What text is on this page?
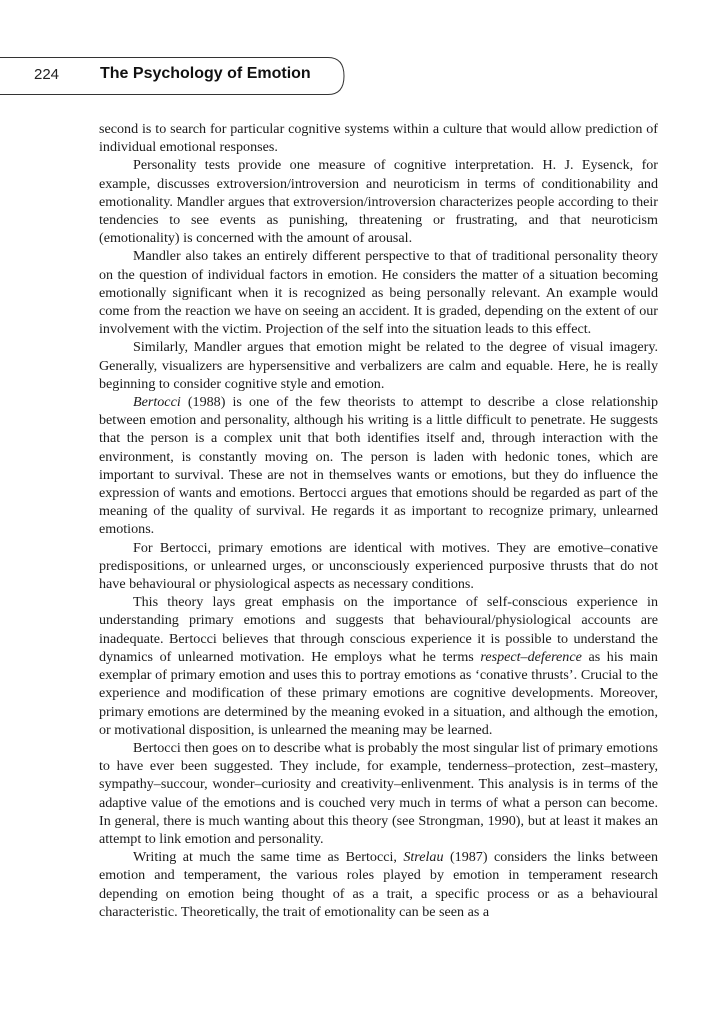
224	The Psychology of Emotion

second is to search for particular cognitive systems within a culture that would allow prediction of individual emotional responses.

Personality tests provide one measure of cognitive interpretation. H. J. Eysenck, for example, discusses extroversion/introversion and neuroticism in terms of conditionability and emotionality. Mandler argues that extroversion/introversion characterizes people according to their tendencies to see events as punishing, threatening or frustrating, and that neuroticism (emotionality) is concerned with the amount of arousal.

Mandler also takes an entirely different perspective to that of traditional personality theory on the question of individual factors in emotion. He considers the matter of a situation becoming emotionally significant when it is recognized as being personally relevant. An example would come from the reaction we have on seeing an accident. It is graded, depending on the extent of our involvement with the victim. Projection of the self into the situation leads to this effect.

Similarly, Mandler argues that emotion might be related to the degree of visual imagery. Generally, visualizers are hypersensitive and verbalizers are calm and equable. Here, he is really beginning to consider cognitive style and emotion.

Bertocci (1988) is one of the few theorists to attempt to describe a close relationship between emotion and personality, although his writing is a little difficult to penetrate. He suggests that the person is a complex unit that both identifies itself and, through interaction with the environment, is constantly moving on. The person is laden with hedonic tones, which are important to survival. These are not in themselves wants or emotions, but they do influence the expression of wants and emotions. Bertocci argues that emotions should be regarded as part of the meaning of the quality of survival. He regards it as important to recognize primary, unlearned emotions.

For Bertocci, primary emotions are identical with motives. They are emotive–conative predispositions, or unlearned urges, or unconsciously experienced purposive thrusts that do not have behavioural or physiological aspects as necessary conditions.

This theory lays great emphasis on the importance of self-conscious experience in understanding primary emotions and suggests that behavioural/physiological accounts are inadequate. Bertocci believes that through conscious experience it is possible to understand the dynamics of unlearned motivation. He employs what he terms respect–deference as his main exemplar of primary emotion and uses this to portray emotions as ‘conative thrusts’. Crucial to the experience and modification of these primary emotions are cognitive developments. Moreover, primary emotions are determined by the meaning evoked in a situation, and although the emotion, or motivational disposition, is unlearned the meaning may be learned.

Bertocci then goes on to describe what is probably the most singular list of primary emotions to have ever been suggested. They include, for example, tenderness–protection, zest–mastery, sympathy–succour, wonder–curiosity and creativity–enlivenment. This analysis is in terms of the adaptive value of the emotions and is couched very much in terms of what a person can become. In general, there is much wanting about this theory (see Strongman, 1990), but at least it makes an attempt to link emotion and personality.

Writing at much the same time as Bertocci, Strelau (1987) considers the links between emotion and temperament, the various roles played by emotion in temperament research depending on emotion being thought of as a trait, a specific process or as a behavioural characteristic. Theoretically, the trait of emotionality can be seen as a
